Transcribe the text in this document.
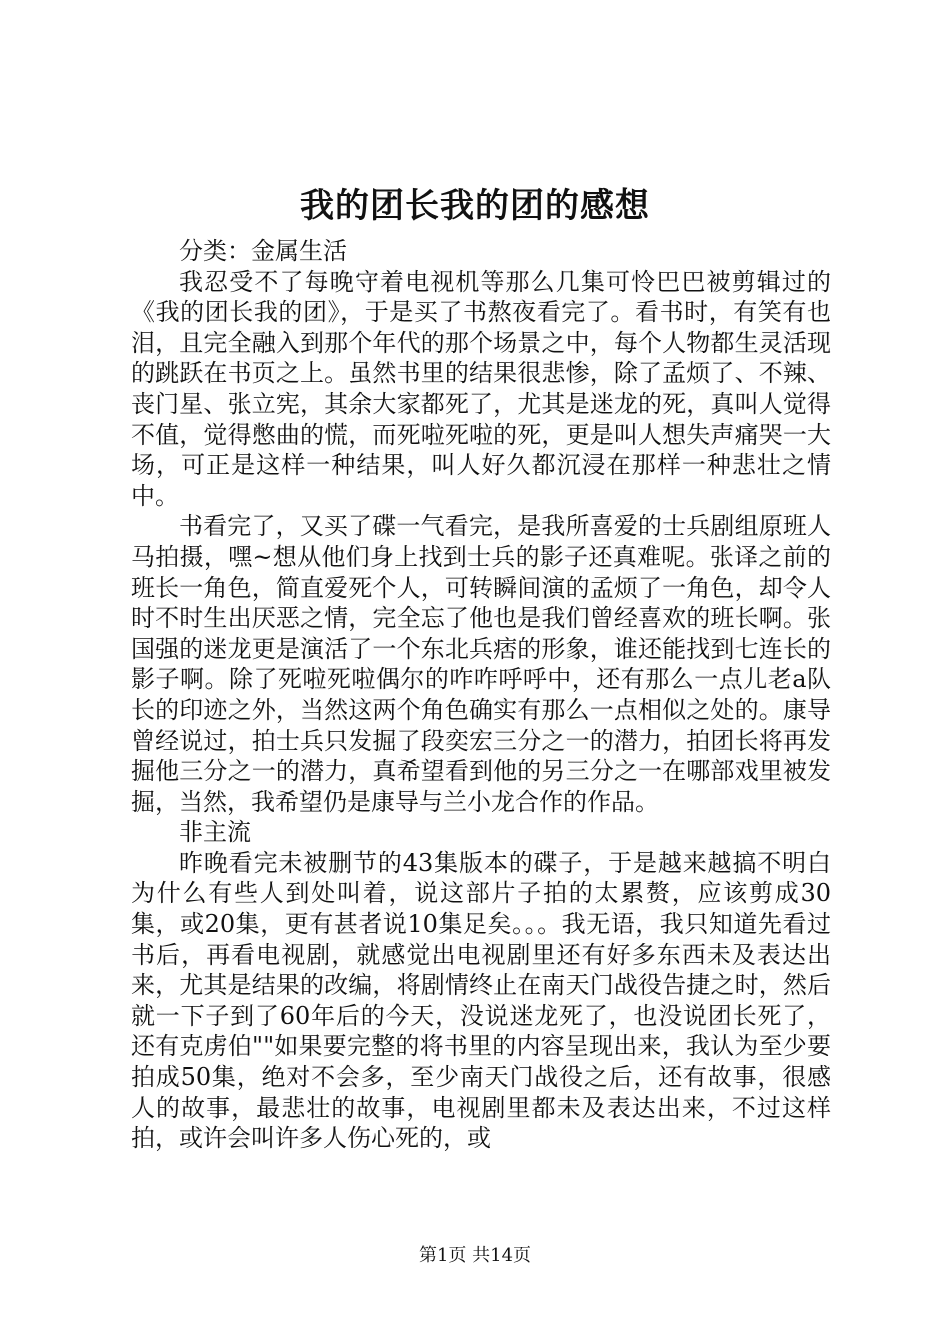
我的团长我的团的感想

分类：金属生活

我忍受不了每晚守着电视机等那么几集可怜巴巴被剪辑过的《我的团长我的团》，于是买了书熬夜看完了。看书时，有笑有也泪，且完全融入到那个年代的那个场景之中，每个人物都生灵活现的跳跃在书页之上。虽然书里的结果很悲惨，除了孟烦了、不辣、丧门星、张立宪，其余大家都死了，尤其是迷龙的死，真叫人觉得不值，觉得憋曲的慌，而死啦死啦的死，更是叫人想失声痛哭一大场，可正是这样一种结果，叫人好久都沉浸在那样一种悲壮之情中。

书看完了，又买了碟一气看完，是我所喜爱的士兵剧组原班人马拍摄，嘿~想从他们身上找到士兵的影子还真难呢。张译之前的班长一角色，简直爱死个人，可转瞬间演的孟烦了一角色，却令人时不时生出厌恶之情，完全忘了他也是我们曾经喜欢的班长啊。张国强的迷龙更是演活了一个东北兵痞的形象，谁还能找到七连长的影子啊。除了死啦死啦偶尔的咋咋呼呼中，还有那么一点儿老a队长的印迹之外，当然这两个角色确实有那么一点相似之处的。康导曾经说过，拍士兵只发掘了段奕宏三分之一的潜力，拍团长将再发掘他三分之一的潜力，真希望看到他的另三分之一在哪部戏里被发掘，当然，我希望仍是康导与兰小龙合作的作品。

非主流

昨晚看完未被删节的43集版本的碟子，于是越来越搞不明白为什么有些人到处叫着，说这部片子拍的太累赘，应该剪成30集，或20集，更有甚者说10集足矣。。。我无语，我只知道先看过书后，再看电视剧，就感觉出电视剧里还有好多东西未及表达出来，尤其是结果的改编，将剧情终止在南天门战役告捷之时，然后就一下子到了60年后的今天，没说迷龙死了，也没说团长死了，还有克虏伯""如果要完整的将书里的内容呈现出来，我认为至少要拍成50集，绝对不会多，至少南天门战役之后，还有故事，很感人的故事，最悲壮的故事，电视剧里都未及表达出来，不过这样拍，或许会叫许多人伤心死的，或

第1页 共14页
